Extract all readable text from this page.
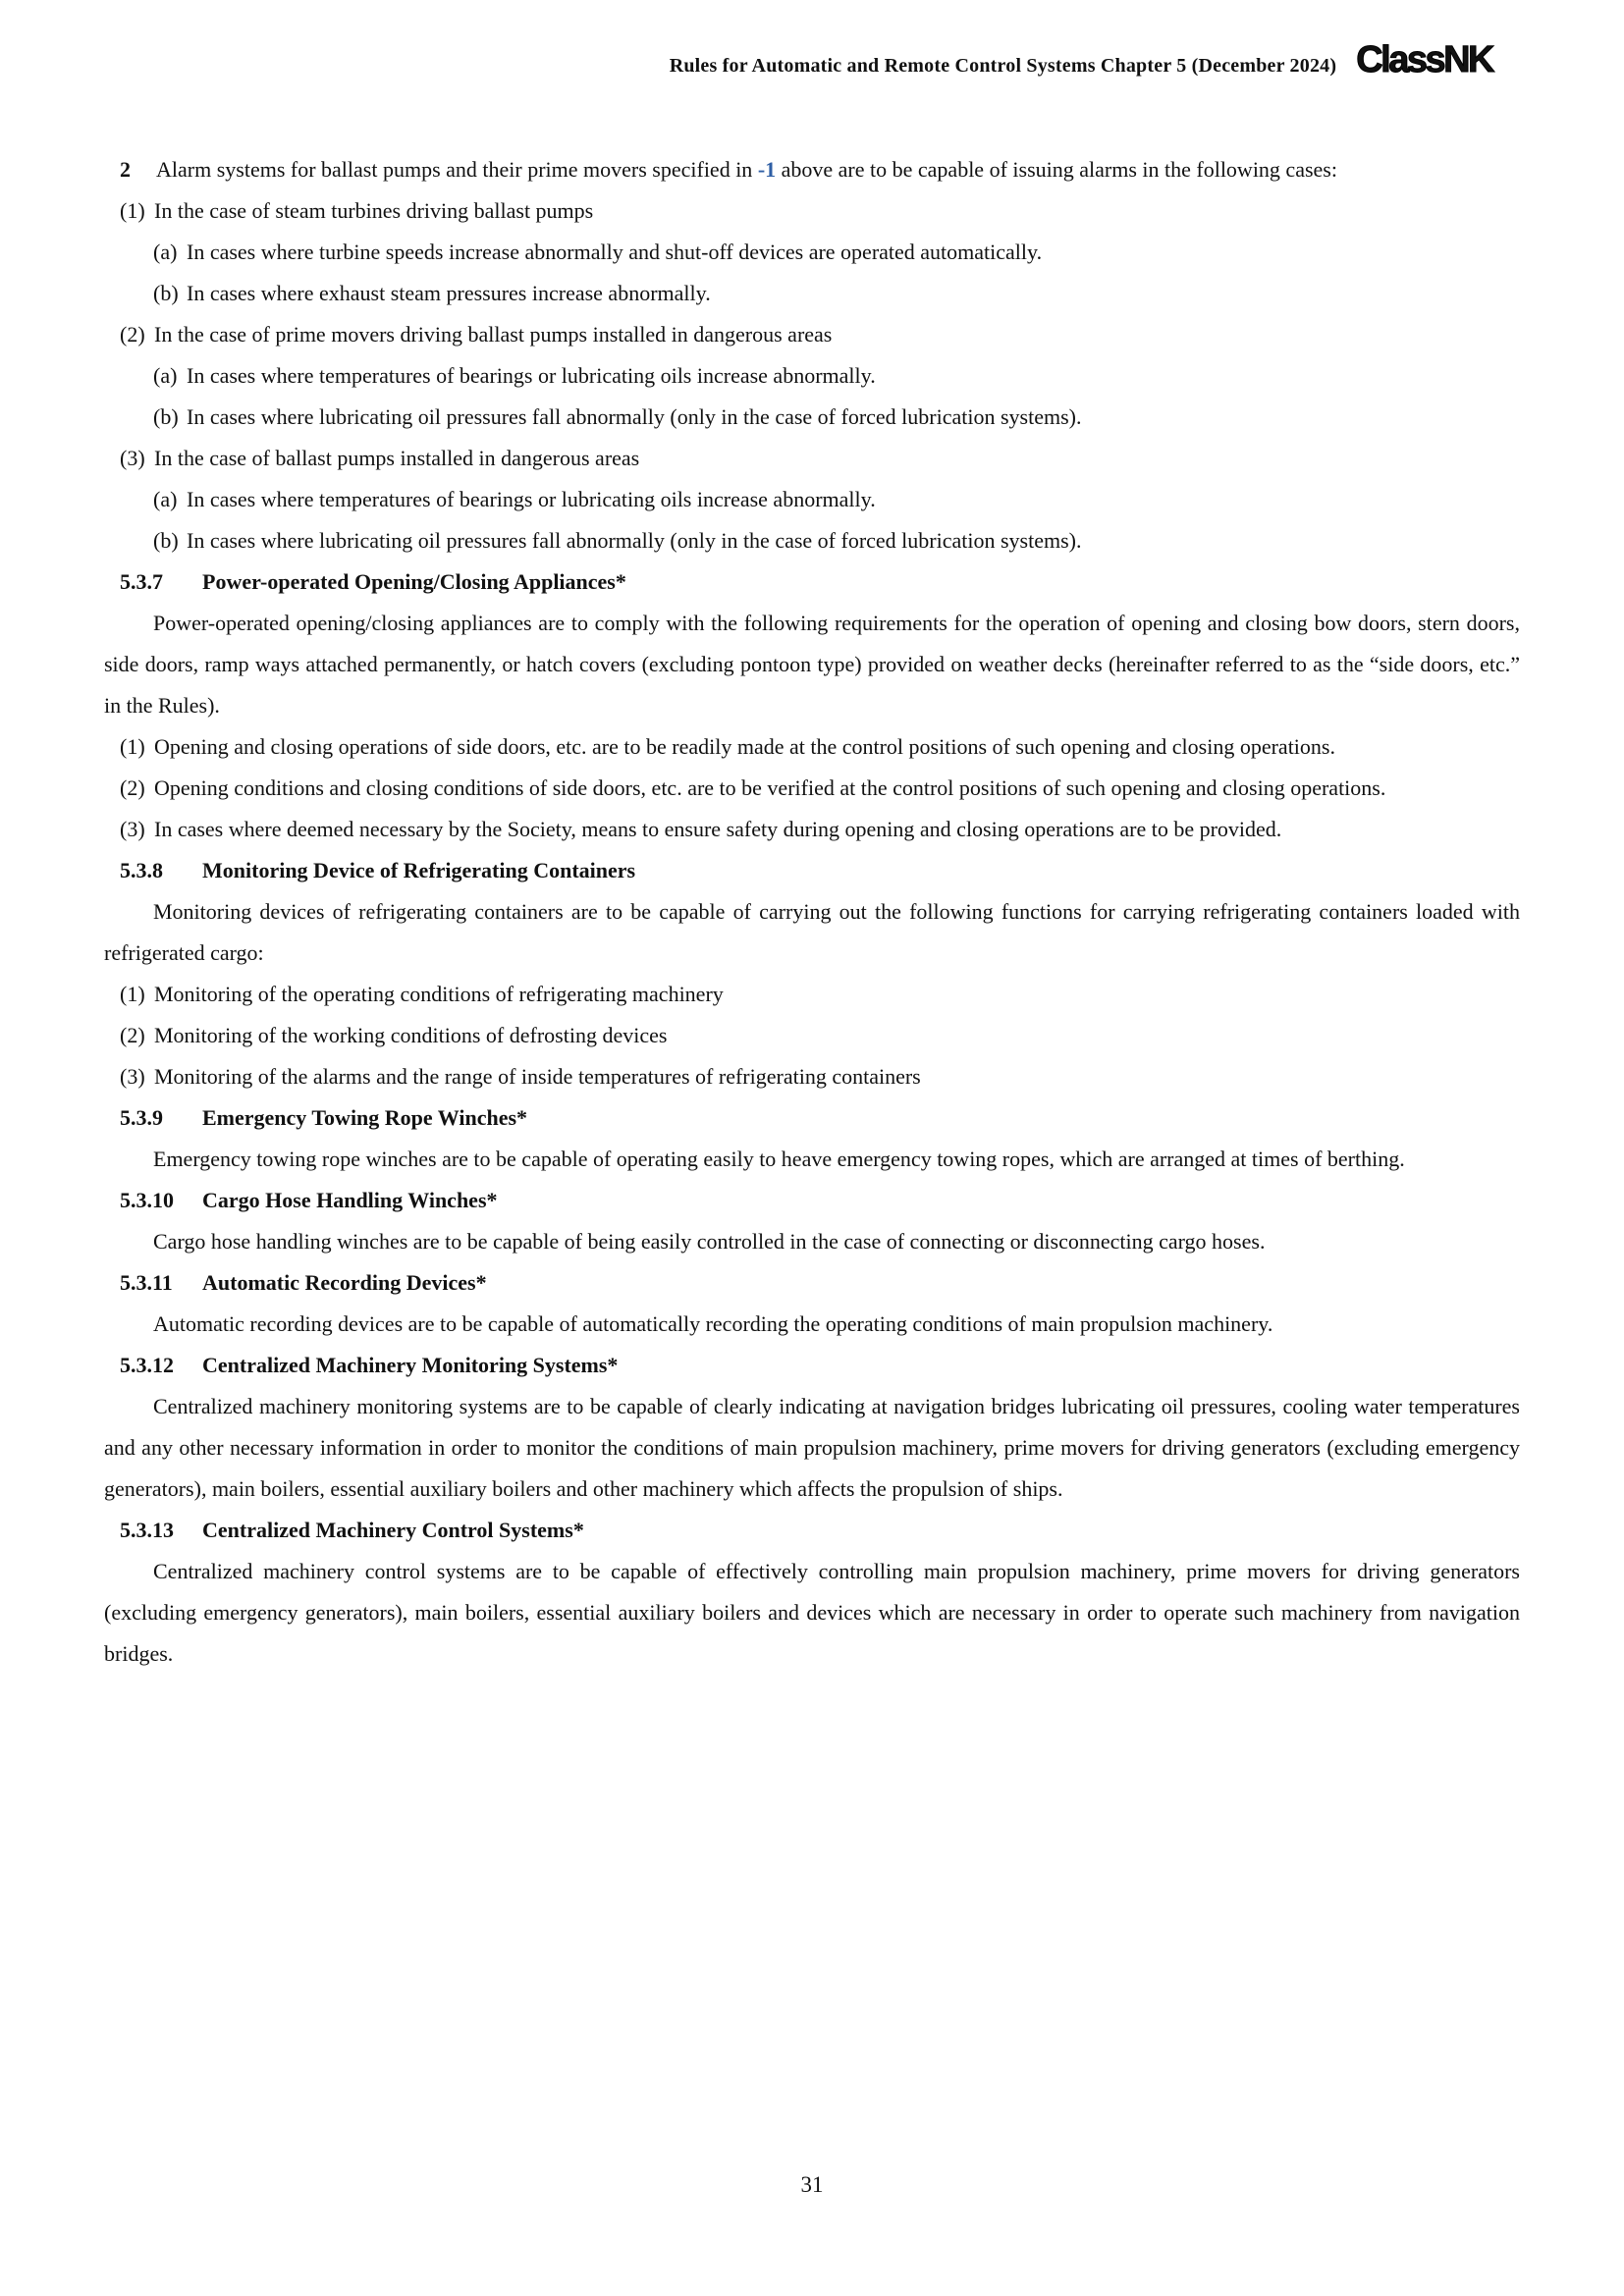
Rules for Automatic and Remote Control Systems Chapter 5 (December 2024) ClassNK

2 Alarm systems for ballast pumps and their prime movers specified in -1 above are to be capable of issuing alarms in the following cases:

(1) In the case of steam turbines driving ballast pumps

(a) In cases where turbine speeds increase abnormally and shut-off devices are operated automatically.

(b) In cases where exhaust steam pressures increase abnormally.

(2) In the case of prime movers driving ballast pumps installed in dangerous areas

(a) In cases where temperatures of bearings or lubricating oils increase abnormally.

(b) In cases where lubricating oil pressures fall abnormally (only in the case of forced lubrication systems).

(3) In the case of ballast pumps installed in dangerous areas

(a) In cases where temperatures of bearings or lubricating oils increase abnormally.

(b) In cases where lubricating oil pressures fall abnormally (only in the case of forced lubrication systems).

5.3.7 Power-operated Opening/Closing Appliances*

Power-operated opening/closing appliances are to comply with the following requirements for the operation of opening and closing bow doors, stern doors, side doors, ramp ways attached permanently, or hatch covers (excluding pontoon type) provided on weather decks (hereinafter referred to as the “side doors, etc.” in the Rules).

(1) Opening and closing operations of side doors, etc. are to be readily made at the control positions of such opening and closing operations.

(2) Opening conditions and closing conditions of side doors, etc. are to be verified at the control positions of such opening and closing operations.

(3) In cases where deemed necessary by the Society, means to ensure safety during opening and closing operations are to be provided.

5.3.8 Monitoring Device of Refrigerating Containers

Monitoring devices of refrigerating containers are to be capable of carrying out the following functions for carrying refrigerating containers loaded with refrigerated cargo:

(1) Monitoring of the operating conditions of refrigerating machinery

(2) Monitoring of the working conditions of defrosting devices

(3) Monitoring of the alarms and the range of inside temperatures of refrigerating containers

5.3.9 Emergency Towing Rope Winches*

Emergency towing rope winches are to be capable of operating easily to heave emergency towing ropes, which are arranged at times of berthing.

5.3.10 Cargo Hose Handling Winches*

Cargo hose handling winches are to be capable of being easily controlled in the case of connecting or disconnecting cargo hoses.

5.3.11 Automatic Recording Devices*

Automatic recording devices are to be capable of automatically recording the operating conditions of main propulsion machinery.

5.3.12 Centralized Machinery Monitoring Systems*

Centralized machinery monitoring systems are to be capable of clearly indicating at navigation bridges lubricating oil pressures, cooling water temperatures and any other necessary information in order to monitor the conditions of main propulsion machinery, prime movers for driving generators (excluding emergency generators), main boilers, essential auxiliary boilers and other machinery which affects the propulsion of ships.

5.3.13 Centralized Machinery Control Systems*

Centralized machinery control systems are to be capable of effectively controlling main propulsion machinery, prime movers for driving generators (excluding emergency generators), main boilers, essential auxiliary boilers and devices which are necessary in order to operate such machinery from navigation bridges.

31
